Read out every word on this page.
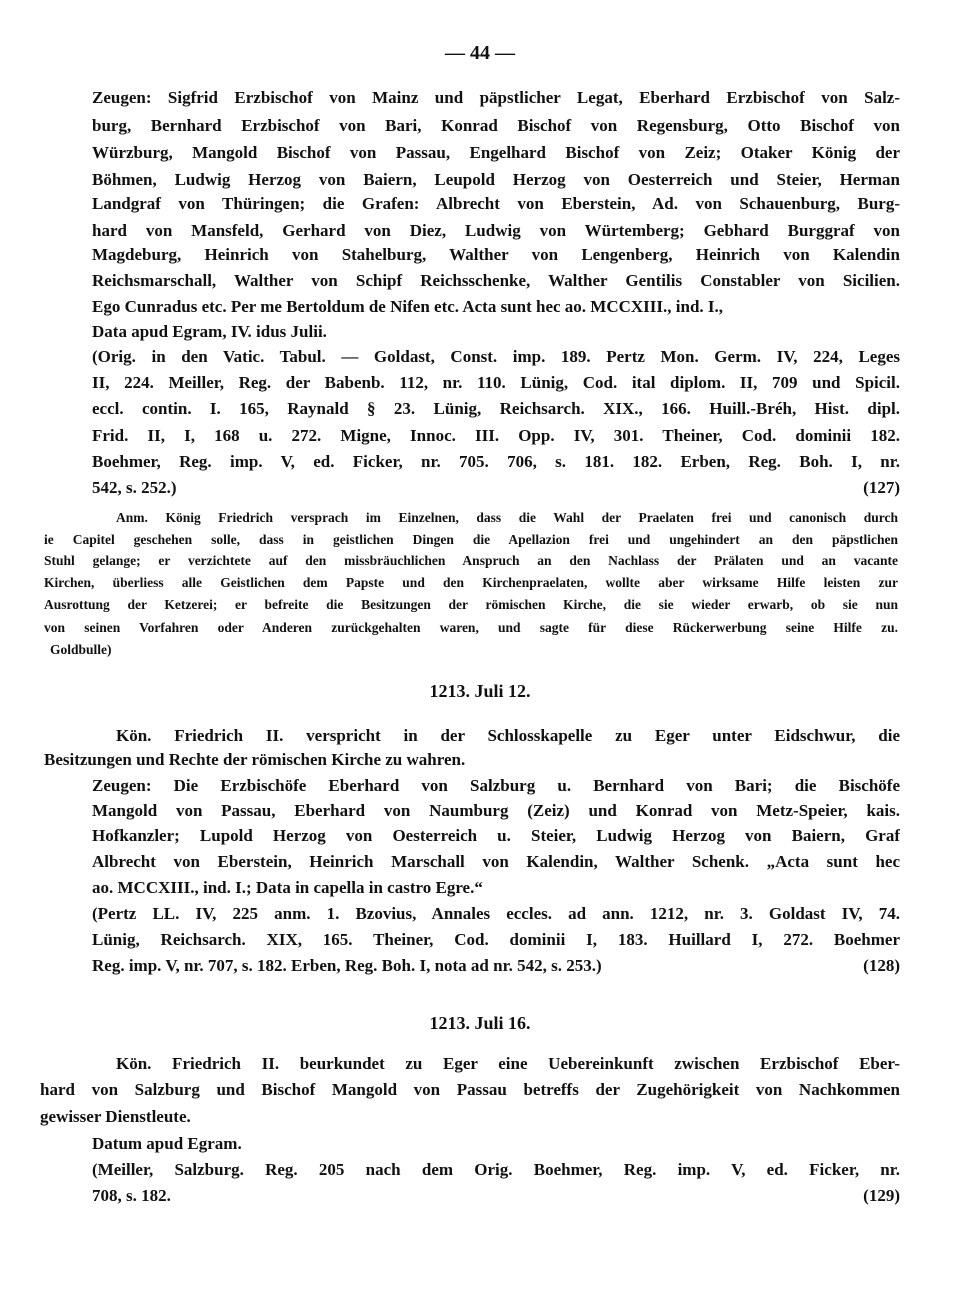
— 44 —
Zeugen: Sigfrid Erzbischof von Mainz und päpstlicher Legat, Eberhard Erzbischof von Salz-
burg, Bernhard Erzbischof von Bari, Konrad Bischof von Regensburg, Otto Bischof von
Würzburg, Mangold Bischof von Passau, Engelhard Bischof von Zeiz; Otaker König der
Böhmen, Ludwig Herzog von Baiern, Leupold Herzog von Oesterreich und Steier, Herman
Landgraf von Thüringen; die Grafen: Albrecht von Eberstein, Ad. von Schauenburg, Burg-
hard von Mansfeld, Gerhard von Diez, Ludwig von Würtemberg; Gebhard Burggraf von
Magdeburg, Heinrich von Stahelburg, Walther von Lengenberg, Heinrich von Kalendin
Reichsmarschall, Walther von Schipf Reichsschenke, Walther Gentilis Constabler von Sicilien.
Ego Cunradus etc. Per me Bertoldum de Nifen etc. Acta sunt hec ao. MCCXIII., ind. I.,
Data apud Egram, IV. idus Julii.
(Orig. in den Vatic. Tabul. — Goldast, Const. imp. 189. Pertz Mon. Germ. IV, 224, Leges
II, 224. Meiller, Reg. der Babenb. 112, nr. 110. Lünig, Cod. ital diplom. II, 709 und Spicil.
eccl. contin. I. 165, Raynald § 23. Lünig, Reichsarch. XIX., 166. Huill.-Bréh, Hist. dipl.
Frid. II, I, 168 u. 272. Migne, Innoc. III. Opp. IV, 301. Theiner, Cod. dominii 182.
Boehmer, Reg. imp. V, ed. Ficker, nr. 705. 706, s. 181. 182. Erben, Reg. Boh. I, nr.
542, s. 252.)	(127)
Anm. König Friedrich versprach im Einzelnen, dass die Wahl der Praelaten frei und canonisch durch
ie Capitel geschehen solle, dass in geistlichen Dingen die Apellazion frei und ungehindert an den päpstlichen
Stuhl gelange; er verzichtete auf den missbräuchlichen Anspruch an den Nachlass der Prälaten und an vacante
Kirchen, überliess alle Geistlichen dem Papste und den Kirchenpraelaten, wollte aber wirksame Hilfe leisten zur
Ausrottung der Ketzerei; er befreite die Besitzungen der römischen Kirche, die sie wieder erwarb, ob sie nun
von seinen Vorfahren oder Anderen zurückgehalten waren, und sagte für diese Rückerwerbung seine Hilfe zu.
Goldbulle)
1213. Juli 12.
Kön. Friedrich II. verspricht in der Schlosskapelle zu Eger unter Eidschwur, die
Besitzungen und Rechte der römischen Kirche zu wahren.
Zeugen: Die Erzbischöfe Eberhard von Salzburg u. Bernhard von Bari; die Bischöfe
Mangold von Passau, Eberhard von Naumburg (Zeiz) und Konrad von Metz-Speier, kais.
Hofkanzler; Lupold Herzog von Oesterreich u. Steier, Ludwig Herzog von Baiern, Graf
Albrecht von Eberstein, Heinrich Marschall von Kalendin, Walther Schenk. „Acta sunt hec
ao. MCCXIII., ind. I.; Data in capella in castro Egre.“
(Pertz LL. IV, 225 anm. 1. Bzovius, Annales eccles. ad ann. 1212, nr. 3. Goldast IV, 74.
Lünig, Reichsarch. XIX, 165. Theiner, Cod. dominii I, 183. Huillard I, 272. Boehmer
Reg. imp. V, nr. 707, s. 182. Erben, Reg. Boh. I, nota ad nr. 542, s. 253.)	(128)
1213. Juli 16.
Kön. Friedrich II. beurkundet zu Eger eine Uebereinkunft zwischen Erzbischof Eber-
hard von Salzburg und Bischof Mangold von Passau betreffs der Zugehörigkeit von Nachkommen
gewisser Dienstleute.
Datum apud Egram.
(Meiller, Salzburg. Reg. 205 nach dem Orig. Boehmer, Reg. imp. V, ed. Ficker, nr.
708, s. 182.	(129)
